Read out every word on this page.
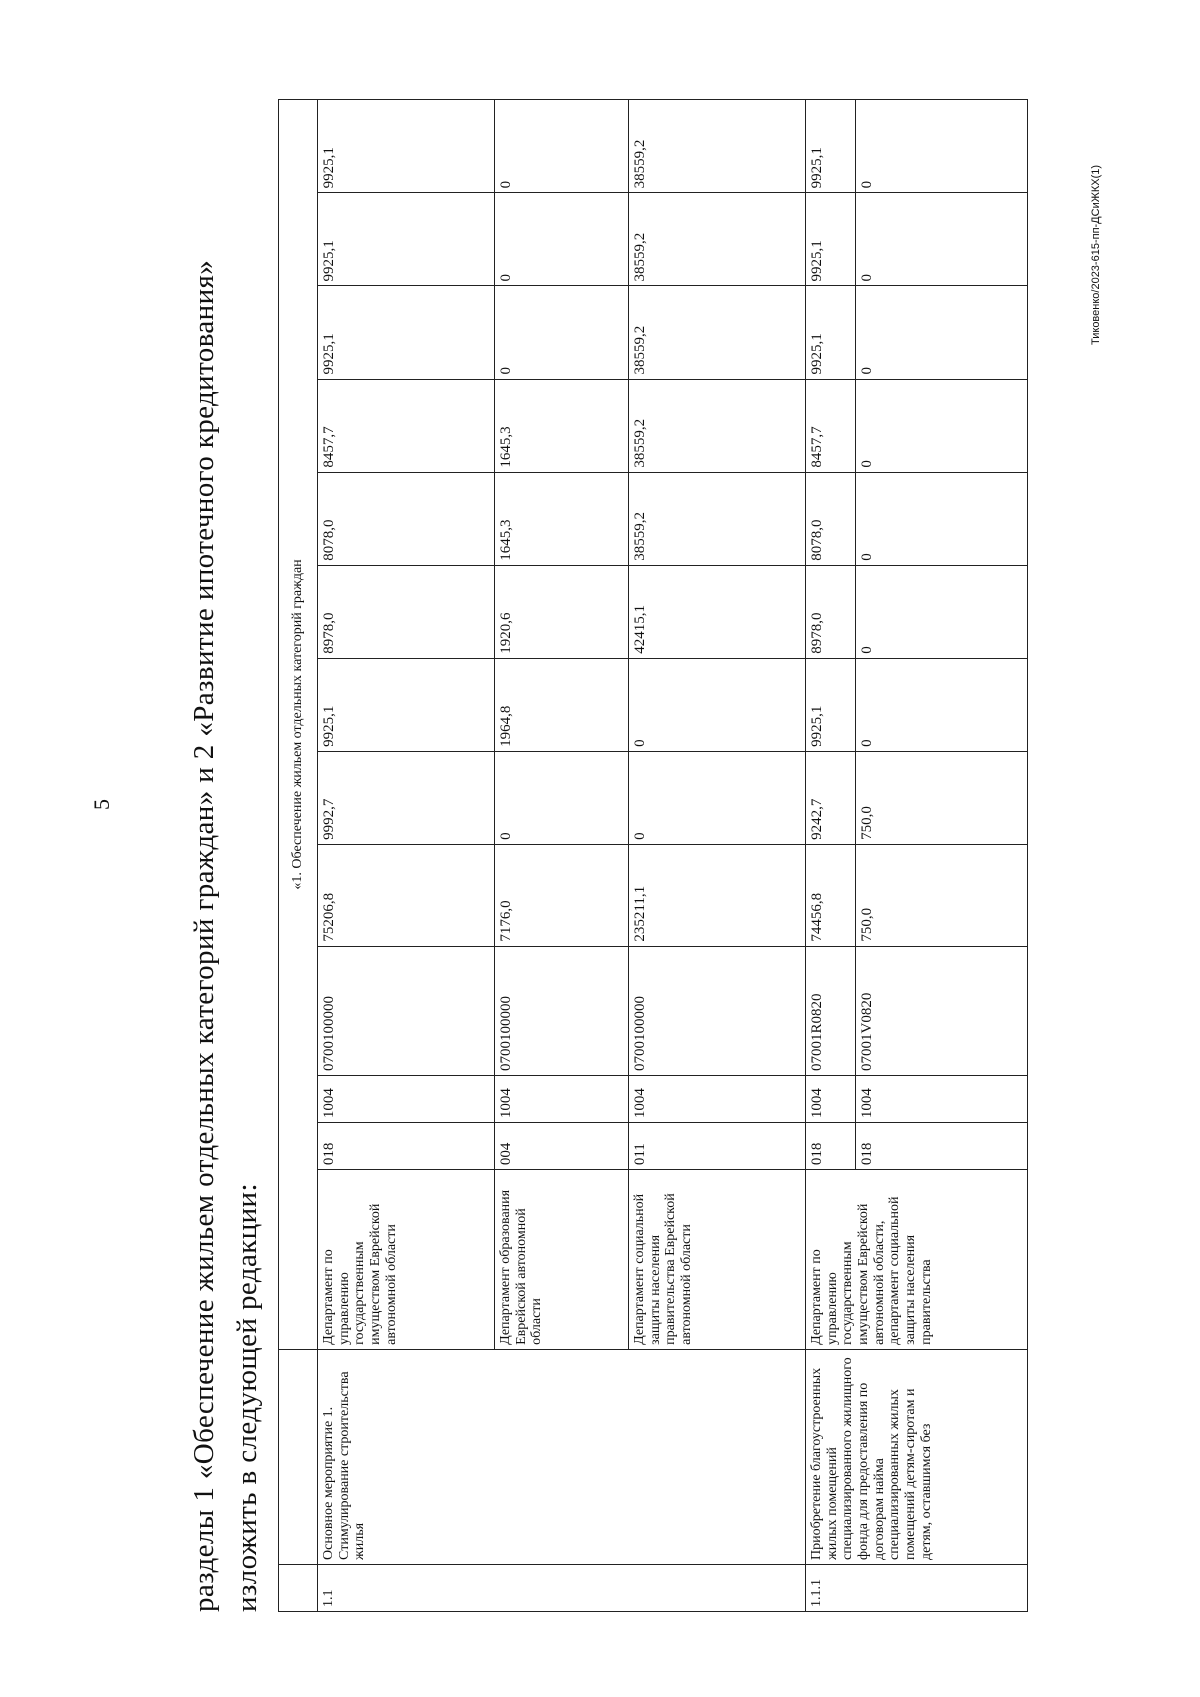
5	разделы 1 «Обеспечение жильем отдельных категорий граждан» и 2 «Развитие ипотечного кредитования» изложить в следующей редакции:
Тиковенко/2023-615-пп-ДСиЖКХ(1)
		«1. Обеспечение жильем отдельных категорий граждан												
1.1	Основное мероприятие 1. Стимулирование строительства жилья	Департамент по управлению государственным имуществом Еврейской автономной области	018	1004	0700100000	75206,8	9992,7	9925,1	8978,0	8078,0	8457,7	9925,1	9925,1	9925,1
		Департамент образования Еврейской автономной области	004	1004	0700100000	7176,0	0	1964,8	1920,6	1645,3	1645,3	0	0	0
		Департамент социальной защиты населения правительства Еврейской автономной области	011	1004	0700100000	235211,1	0	0	42415,1	38559,2	38559,2	38559,2	38559,2	38559,2
1.1.1	Приобретение благоустроенных жилых помещений специализированного жилищного фонда для предоставления по договорам найма специализированных жилых помещений детям-сиротам и детям, оставшимся без	Департамент по управлению государственным имуществом Еврейской автономной области, департамент социальной защиты населения правительства	018	1004	07001R0820	74456,8	9242,7	9925,1	8978,0	8078,0	8457,7	9925,1	9925,1	9925,1
			018	1004	07001V0820	750,0	750,0	0	0	0	0	0	0	0
